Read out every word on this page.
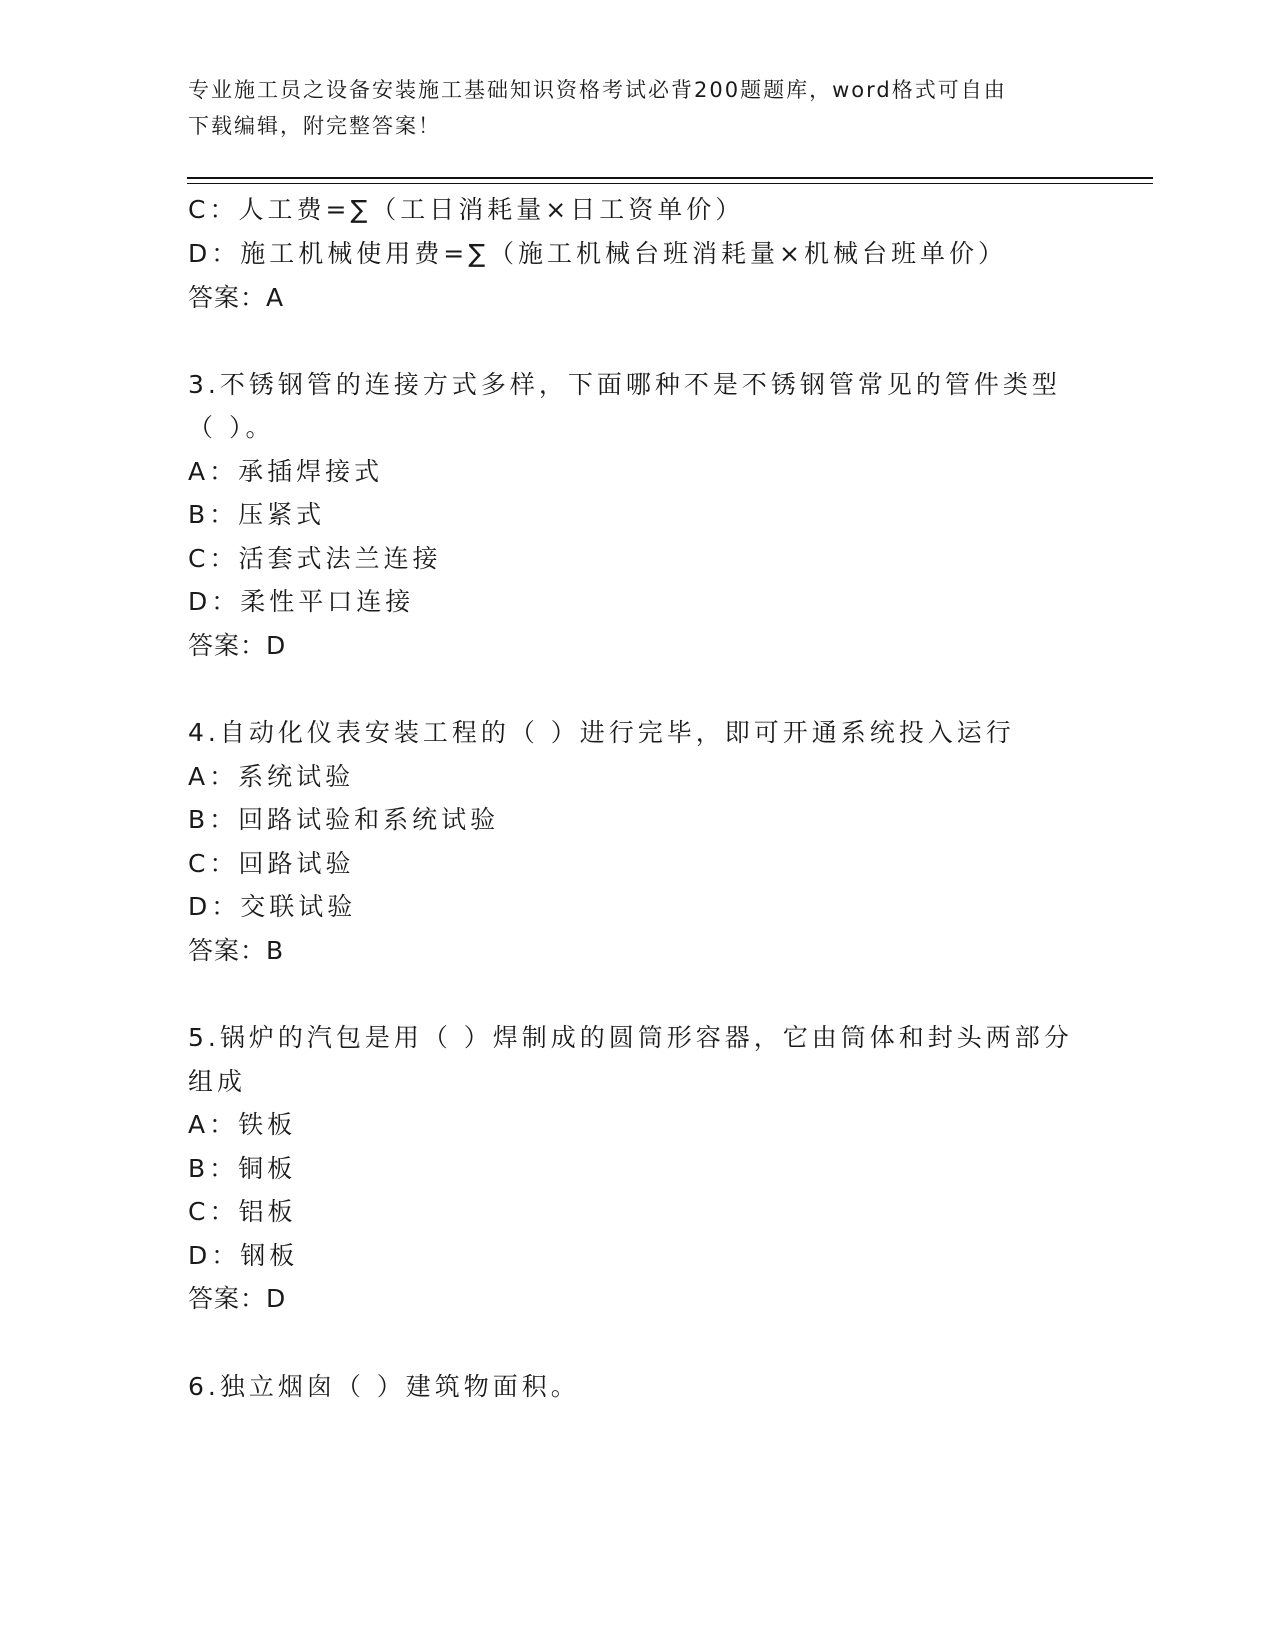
专业施工员之设备安装施工基础知识资格考试必背200题题库，word格式可自由
下载编辑，附完整答案！
C：人工费=∑（工日消耗量×日工资单价）
D：施工机械使用费=∑（施工机械台班消耗量×机械台班单价）
答案：A
3.不锈钢管的连接方式多样，下面哪种不是不锈钢管常见的管件类型
（ ）。
A：承插焊接式
B：压紧式
C：活套式法兰连接
D：柔性平口连接
答案：D
4.自动化仪表安装工程的（ ）进行完毕，即可开通系统投入运行
A：系统试验
B：回路试验和系统试验
C：回路试验
D：交联试验
答案：B
5.锅炉的汽包是用（ ）焊制成的圆筒形容器，它由筒体和封头两部分
组成
A：铁板
B：铜板
C：铝板
D：钢板
答案：D
6.独立烟囱（ ）建筑物面积。
